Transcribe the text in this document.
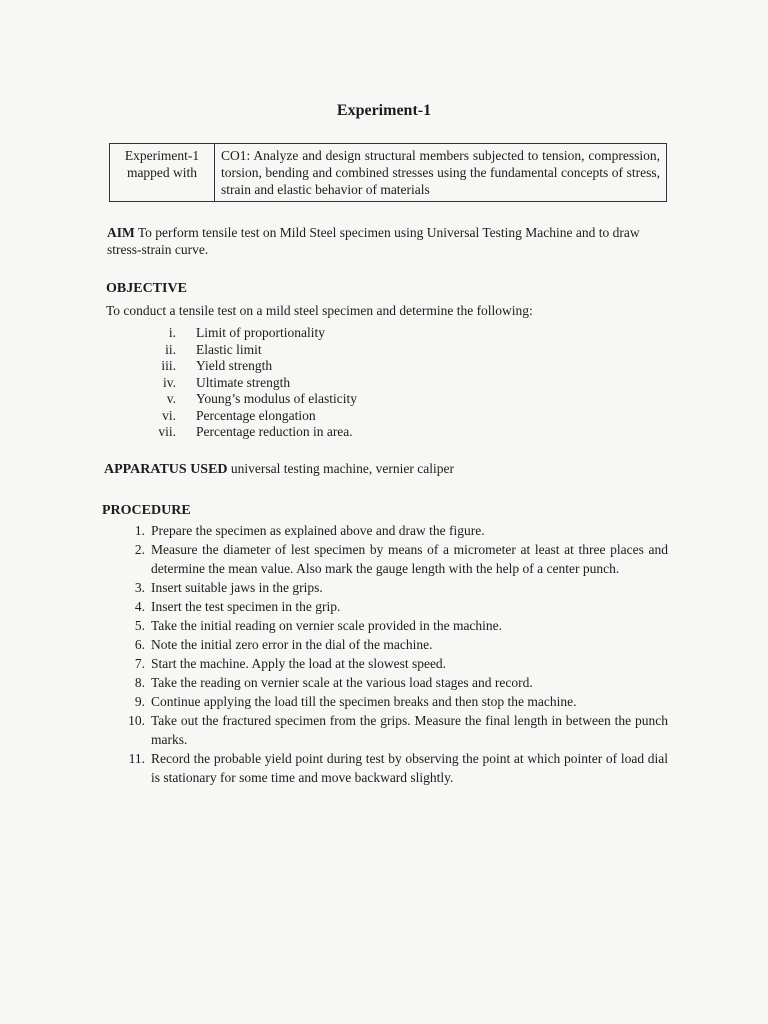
Experiment-1
Experiment-1 mapped with	CO1: Analyze and design structural members subjected to tension, compression, torsion, bending and combined stresses using the fundamental concepts of stress, strain and elastic behavior of materials
AIM To perform tensile test on Mild Steel specimen using Universal Testing Machine and to draw stress-strain curve.
OBJECTIVE
To conduct a tensile test on a mild steel specimen and determine the following:
i.	Limit of proportionality
ii.	Elastic limit
iii.	Yield strength
iv.	Ultimate strength
v.	Young’s modulus of elasticity
vi.	Percentage elongation
vii.	Percentage reduction in area.
APPARATUS USED universal testing machine, vernier caliper
PROCEDURE
1. Prepare the specimen as explained above and draw the figure.
2. Measure the diameter of lest specimen by means of a micrometer at least at three places and determine the mean value. Also mark the gauge length with the help of a center punch.
3. Insert suitable jaws in the grips.
4. Insert the test specimen in the grip.
5. Take the initial reading on vernier scale provided in the machine.
6. Note the initial zero error in the dial of the machine.
7. Start the machine. Apply the load at the slowest speed.
8. Take the reading on vernier scale at the various load stages and record.
9. Continue applying the load till the specimen breaks and then stop the machine.
10. Take out the fractured specimen from the grips. Measure the final length in between the punch marks.
11. Record the probable yield point during test by observing the point at which pointer of load dial is stationary for some time and move backward slightly.
